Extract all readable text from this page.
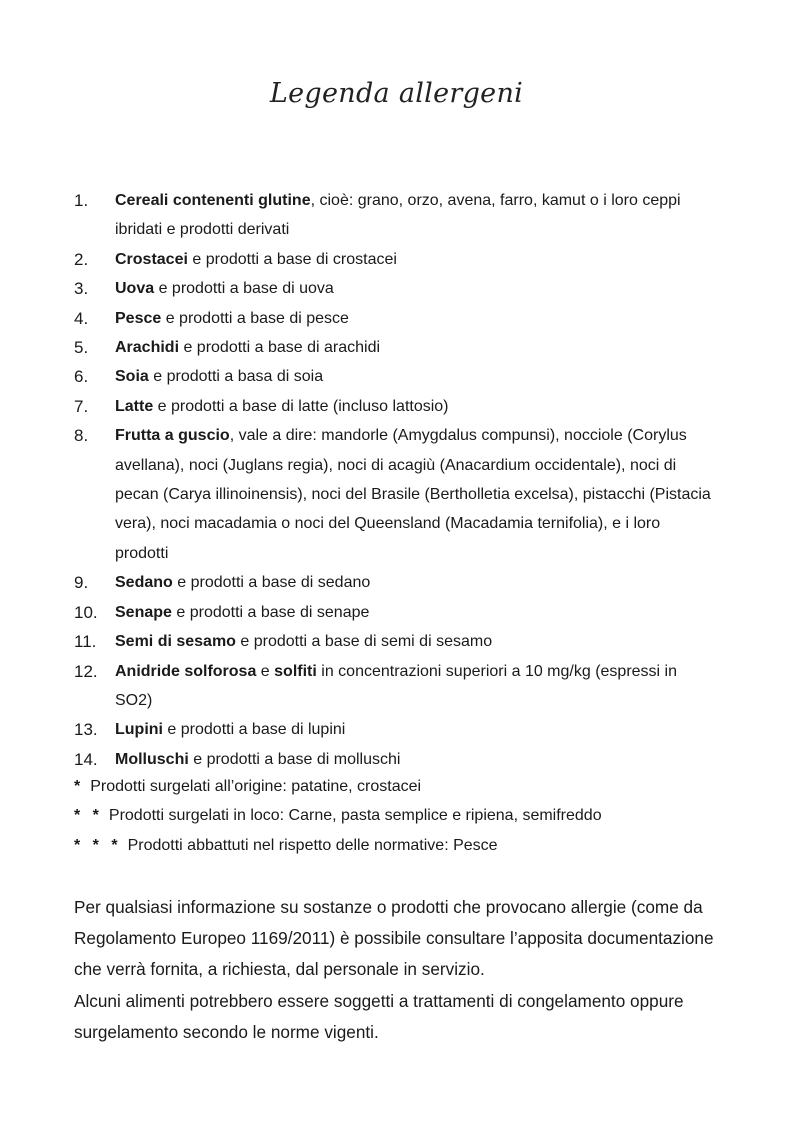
Legenda allergeni
1.	Cereali contenenti glutine, cioè: grano, orzo, avena, farro, kamut o i loro ceppi ibridati e prodotti derivati
2.	Crostacei e prodotti a base di crostacei
3.	Uova e prodotti a base di uova
4.	Pesce e prodotti a base di pesce
5.	Arachidi e prodotti a base di arachidi
6.	Soia e prodotti a basa di soia
7.	Latte e prodotti a base di latte (incluso lattosio)
8.	Frutta a guscio, vale a dire: mandorle (Amygdalus compunsi), nocciole (Corylus avellana), noci (Juglans regia), noci di acagiù (Anacardium occidentale), noci di pecan (Carya illinoinensis), noci del Brasile (Bertholletia excelsa), pistacchi (Pistacia vera), noci macadamia o noci del Queensland (Macadamia ternifolia), e i loro prodotti
9.	Sedano e prodotti a base di sedano
10.	Senape e prodotti a base di senape
11.	Semi di sesamo e prodotti a base di semi di sesamo
12.	Anidride solforosa e solfiti in concentrazioni superiori a 10 mg/kg (espressi in SO2)
13.	Lupini e prodotti a base di lupini
14.	Molluschi e prodotti a base di molluschi
* Prodotti surgelati all’origine: patatine, crostacei
* * Prodotti surgelati in loco: Carne, pasta semplice e ripiena, semifreddo
* * * Prodotti abbattuti nel rispetto delle normative: Pesce

Per qualsiasi informazione su sostanze o prodotti che provocano allergie (come da Regolamento Europeo 1169/2011) è possibile consultare l’apposita documentazione che verrà fornita, a richiesta, dal personale in servizio.

Alcuni alimenti potrebbero essere soggetti a trattamenti di congelamento oppure surgelamento secondo le norme vigenti.
